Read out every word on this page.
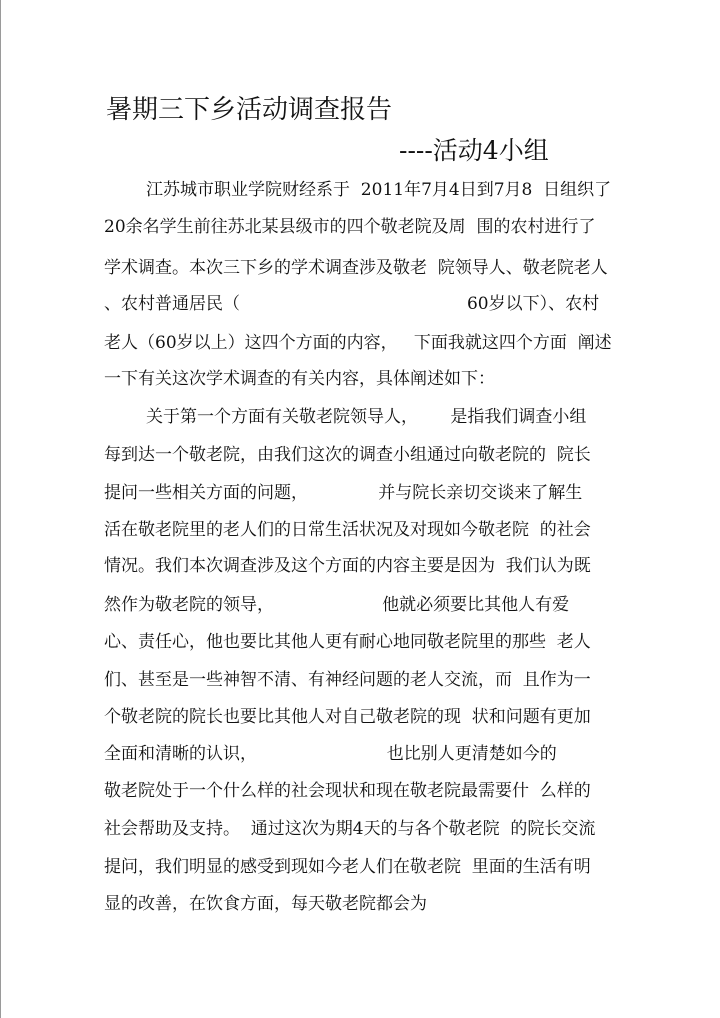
暑期三下乡活动调查报告
----活动4小组
江苏城市职业学院财经系于  2011年7月4日到7月8  日组织了
20余名学生前往苏北某县级市的四个敬老院及周  围的农村进行了
学术调查。本次三下乡的学术调查涉及敬老  院领导人、敬老院老人
、农村普通居民（                                          60岁以下）、农村
老人（60岁以上）这四个方面的内容，   下面我就这四个方面  阐述
一下有关这次学术调查的有关内容，具体阐述如下：
关于第一个方面有关敬老院领导人，      是指我们调查小组
每到达一个敬老院，由我们这次的调查小组通过向敬老院的  院长
提问一些相关方面的问题，             并与院长亲切交谈来了解生
活在敬老院里的老人们的日常生活状况及对现如今敬老院  的社会
情况。我们本次调查涉及这个方面的内容主要是因为  我们认为既
然作为敬老院的领导，                    他就必须要比其他人有爱
心、责任心，他也要比其他人更有耐心地同敬老院里的那些  老人
们、甚至是一些神智不清、有神经问题的老人交流，而  且作为一
个敬老院的院长也要比其他人对自己敬老院的现  状和问题有更加
全面和清晰的认识，                        也比别人更清楚如今的
敬老院处于一个什么样的社会现状和现在敬老院最需要什  么样的
社会帮助及支持。  通过这次为期4天的与各个敬老院  的院长交流
提问，我们明显的感受到现如今老人们在敬老院  里面的生活有明
显的改善，在饮食方面，每天敬老院都会为
